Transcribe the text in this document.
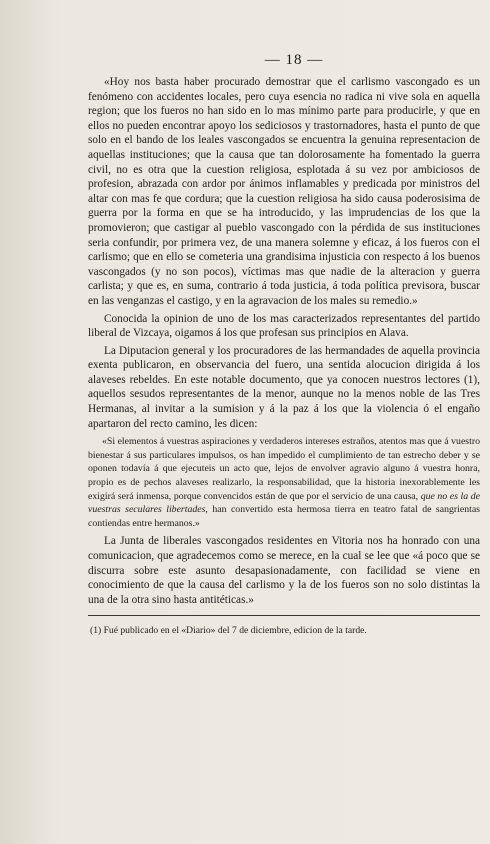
— 18 —

«Hoy nos basta haber procurado demostrar que el carlismo vascongado es un fenómeno con accidentes locales, pero cuya esencia no radica ni vive sola en aquella region; que los fueros no han sido en lo mas mínimo parte para producirle, y que en ellos no pueden encontrar apoyo los sediciosos y trastornadores, hasta el punto de que solo en el bando de los leales vascongados se encuentra la genuina representacion de aquellas instituciones; que la causa que tan dolorosamente ha fomentado la guerra civil, no es otra que la cuestion religiosa, esplotada á su vez por ambiciosos de profesion, abrazada con ardor por ánimos inflamables y predicada por ministros del altar con mas fe que cordura; que la cuestion religiosa ha sido causa poderosisima de guerra por la forma en que se ha introducido, y las imprudencias de los que la promovieron; que castigar al pueblo vascongado con la pérdida de sus instituciones seria confundir, por primera vez, de una manera solemne y eficaz, á los fueros con el carlismo; que en ello se cometeria una grandisima injusticia con respecto á los buenos vascongados (y no son pocos), víctimas mas que nadie de la alteracion y guerra carlista; y que es, en suma, contrario á toda justicia, á toda política previsora, buscar en las venganzas el castigo, y en la agravacion de los males su remedio.»

Conocida la opinion de uno de los mas caracterizados representantes del partido liberal de Vizcaya, oigamos á los que profesan sus principios en Alava.

La Diputacion general y los procuradores de las hermandades de aquella provincia exenta publicaron, en observancia del fuero, una sentida alocucion dirigida á los alaveses rebeldes. En este notable documento, que ya conocen nuestros lectores (1), aquellos sesudos representantes de la menor, aunque no la menos noble de las Tres Hermanas, al invitar a la sumision y á la paz á los que la violencia ó el engaño apartaron del recto camino, les dicen:

«Si elementos á vuestras aspiraciones y verdaderos intereses estraños, atentos mas que á vuestro bienestar á sus particulares impulsos, os han impedido el cumplimiento de tan estrecho deber y se oponen todavía á que ejecuteis un acto que, lejos de envolver agravio alguno á vuestra honra, propio es de pechos alaveses realizarlo, la responsabilidad, que la historia inexorablemente les exigirá será inmensa, porque convencidos están de que por el servicio de una causa, que no es la de vuestras seculares libertades, han convertido esta hermosa tierra en teatro fatal de sangrientas contiendas entre hermanos.»

La Junta de liberales vascongados residentes en Vitoria nos ha honrado con una comunicacion, que agradecemos como se merece, en la cual se lee que «á poco que se discurra sobre este asunto desapasionadamente, con facilidad se viene en conocimiento de que la causa del carlismo y la de los fueros son no solo distintas la una de la otra sino hasta antitéticas.»

(1) Fué publicado en el «Diario» del 7 de diciembre, edicion de la tarde.
